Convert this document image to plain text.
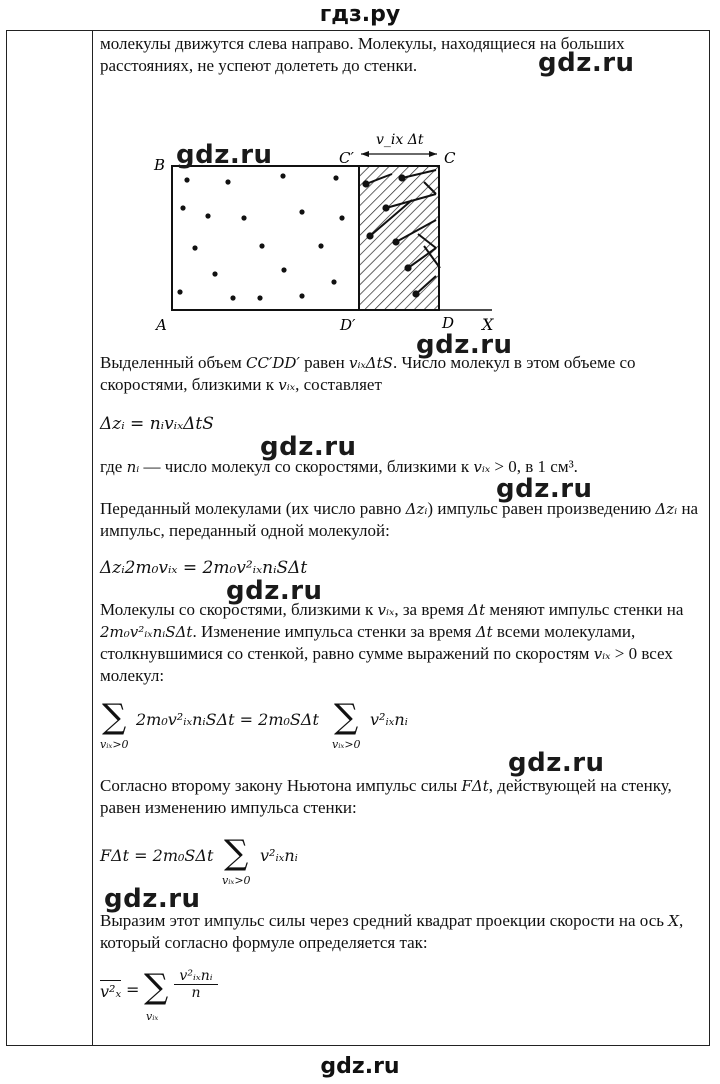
гдз.ру

молекулы движутся слева направо. Молекулы, находящиеся на больших расстояниях, не успеют долететь до стенки.

B
A
C′	C
D′	D X
v_ix Δt

Выделенный объем CC′DD′ равен vᵢₓΔtS. Число молекул в этом объеме со скоростями, близкими к vᵢₓ, составляет

Δzᵢ = nᵢvᵢₓΔtS

где nᵢ — число молекул со скоростями, близкими к vᵢₓ > 0, в 1 см³.

Переданный молекулами (их число равно Δzᵢ) импульс равен произведению Δzᵢ на импульс, переданный одной молекулой:

Δzᵢ2m₀vᵢₓ = 2m₀v²ᵢₓnᵢSΔt

Молекулы со скоростями, близкими к vᵢₓ, за время Δt меняют импульс стенки на 2m₀v²ᵢₓnᵢSΔt. Изменение импульса стенки за время Δt всеми молекулами, столкнувшимися со стенкой, равно сумме выражений по скоростям vᵢₓ > 0 всех молекул:

∑
vᵢₓ>0
2m₀v²ᵢₓnᵢSΔt = 2m₀SΔt ∑
vᵢₓ>0
v²ᵢₓnᵢ

Согласно второму закону Ньютона импульс силы FΔt, действующей на стенку, равен изменению импульса стенки:

FΔt = 2m₀SΔt ∑
vᵢₓ>0
v²ᵢₓnᵢ

Выразим этот импульс силы через средний квадрат проекции скорости на ось X, который согласно формуле определяется так:

v²ₓ = ∑
vᵢₓ
v²ᵢₓnᵢ
n
gdz.ru
gdz.ru
gdz.ru
gdz.ru
gdz.ru
gdz.ru
gdz.ru
gdz.ru
gdz.ru
